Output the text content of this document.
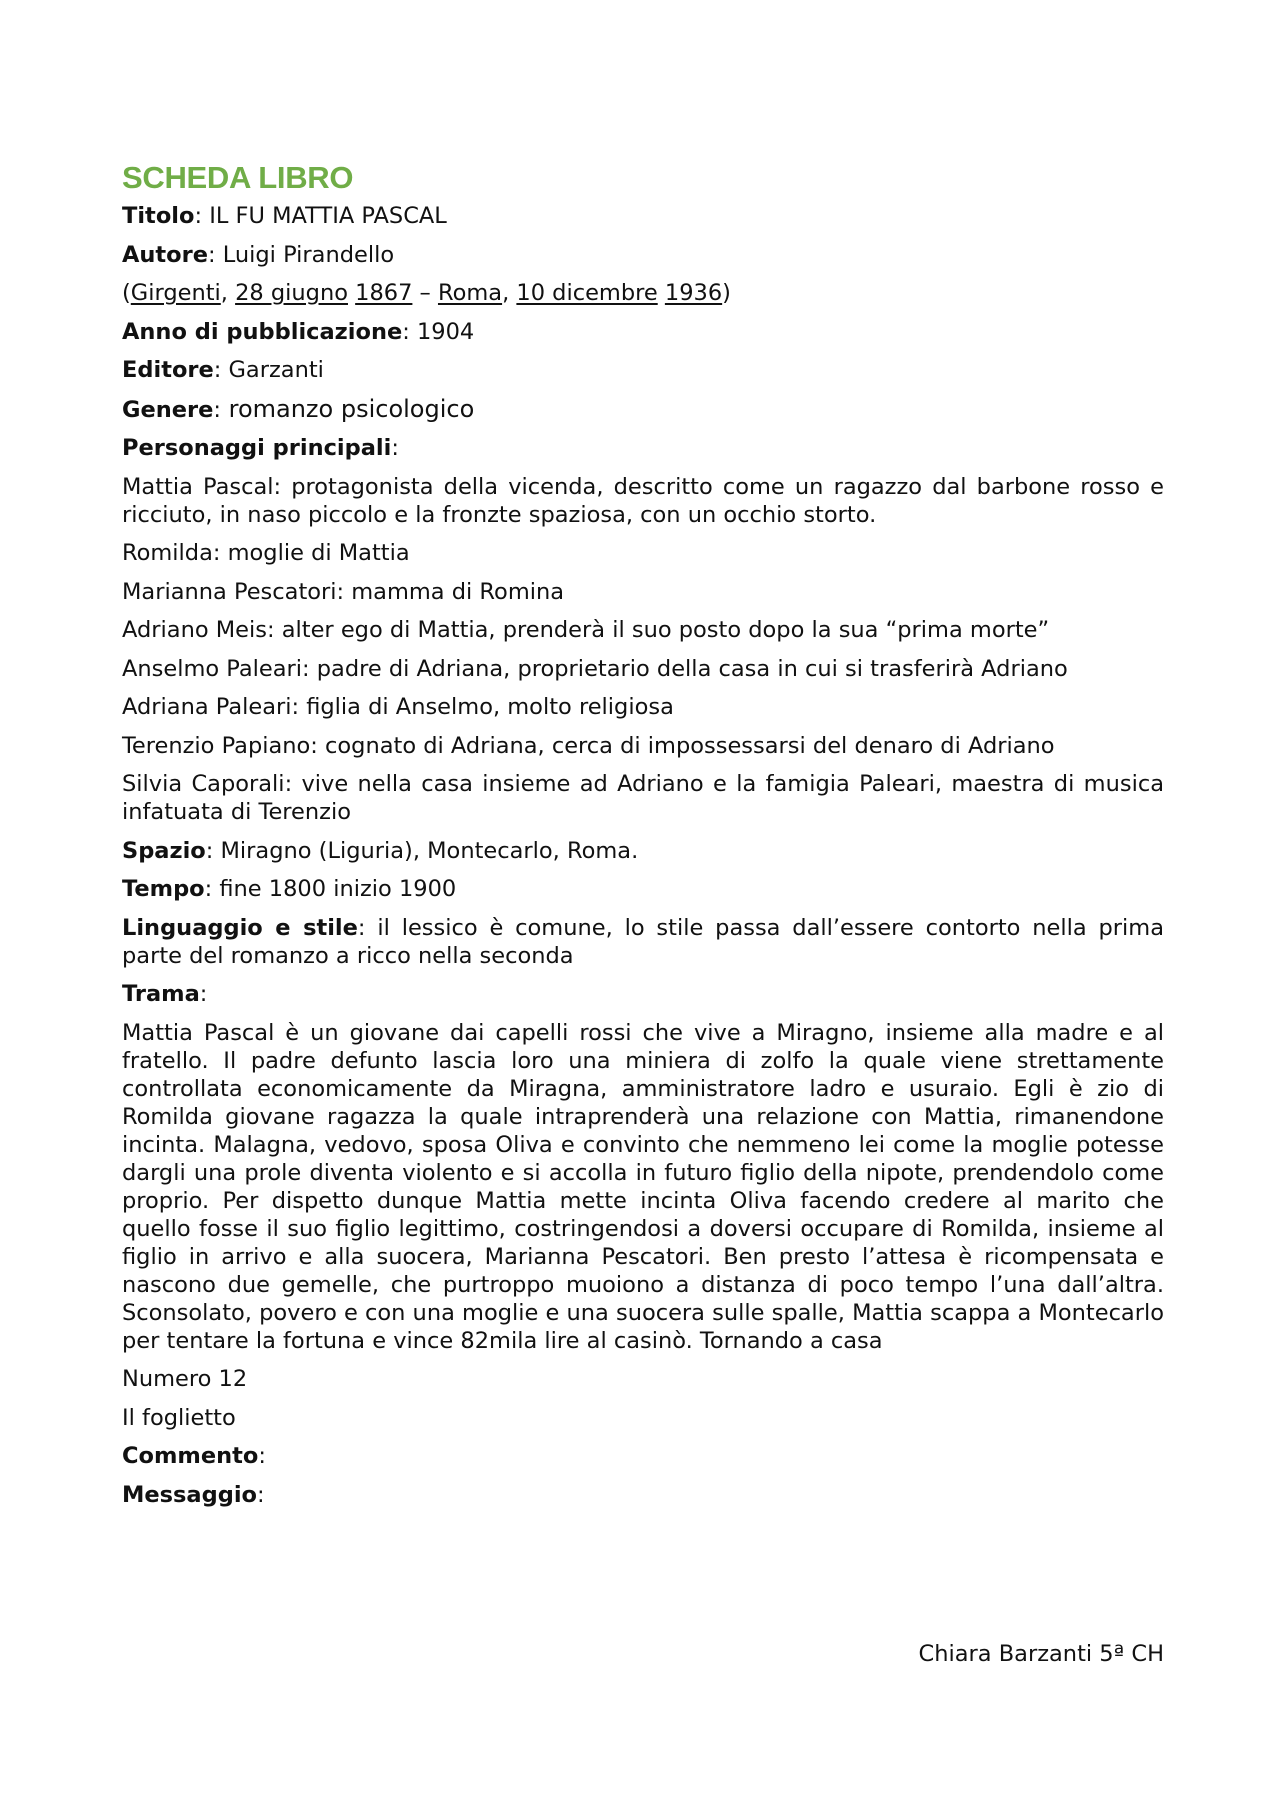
SCHEDA LIBRO

Titolo: IL FU MATTIA PASCAL

Autore: Luigi Pirandello

(Girgenti, 28 giugno 1867 – Roma, 10 dicembre 1936)

Anno di pubblicazione: 1904

Editore: Garzanti

Genere: romanzo psicologico

Personaggi principali:

Mattia Pascal: protagonista della vicenda, descritto come un ragazzo dal barbone rosso e ricciuto, in naso piccolo e la fronzte spaziosa, con un occhio storto.

Romilda: moglie di Mattia

Marianna Pescatori: mamma di Romina

Adriano Meis: alter ego di Mattia, prenderà il suo posto dopo la sua “prima morte”

Anselmo Paleari: padre di Adriana, proprietario della casa in cui si trasferirà Adriano

Adriana Paleari: figlia di Anselmo, molto religiosa

Terenzio Papiano: cognato di Adriana, cerca di impossessarsi del denaro di Adriano

Silvia Caporali: vive nella casa insieme ad Adriano e la famigia Paleari, maestra di musica infatuata di Terenzio

Spazio: Miragno (Liguria), Montecarlo, Roma.

Tempo: fine 1800 inizio 1900

Linguaggio e stile: il lessico è comune, lo stile passa dall’essere contorto nella prima parte del romanzo a ricco nella seconda

Trama:

Mattia Pascal è un giovane dai capelli rossi che vive a Miragno, insieme alla madre e al fratello. Il padre defunto lascia loro una miniera di zolfo la quale viene strettamente controllata economicamente da Miragna, amministratore ladro e usuraio. Egli è zio di Romilda giovane ragazza la quale intraprenderà una relazione con Mattia, rimanendone incinta. Malagna, vedovo, sposa Oliva e convinto che nemmeno lei come la moglie potesse dargli una prole diventa violento e si accolla in futuro figlio della nipote, prendendolo come proprio. Per dispetto dunque Mattia mette incinta Oliva facendo credere al marito che quello fosse il suo figlio legittimo, costringendosi a doversi occupare di Romilda, insieme al figlio in arrivo e alla suocera, Marianna Pescatori. Ben presto l’attesa è ricompensata e nascono due gemelle, che purtroppo muoiono a distanza di poco tempo l’una dall’altra. Sconsolato, povero e con una moglie e una suocera sulle spalle, Mattia scappa a Montecarlo per tentare la fortuna e vince 82mila lire al casinò. Tornando a casa

Numero 12

Il foglietto

Commento:

Messaggio:

Chiara Barzanti 5ª CH
